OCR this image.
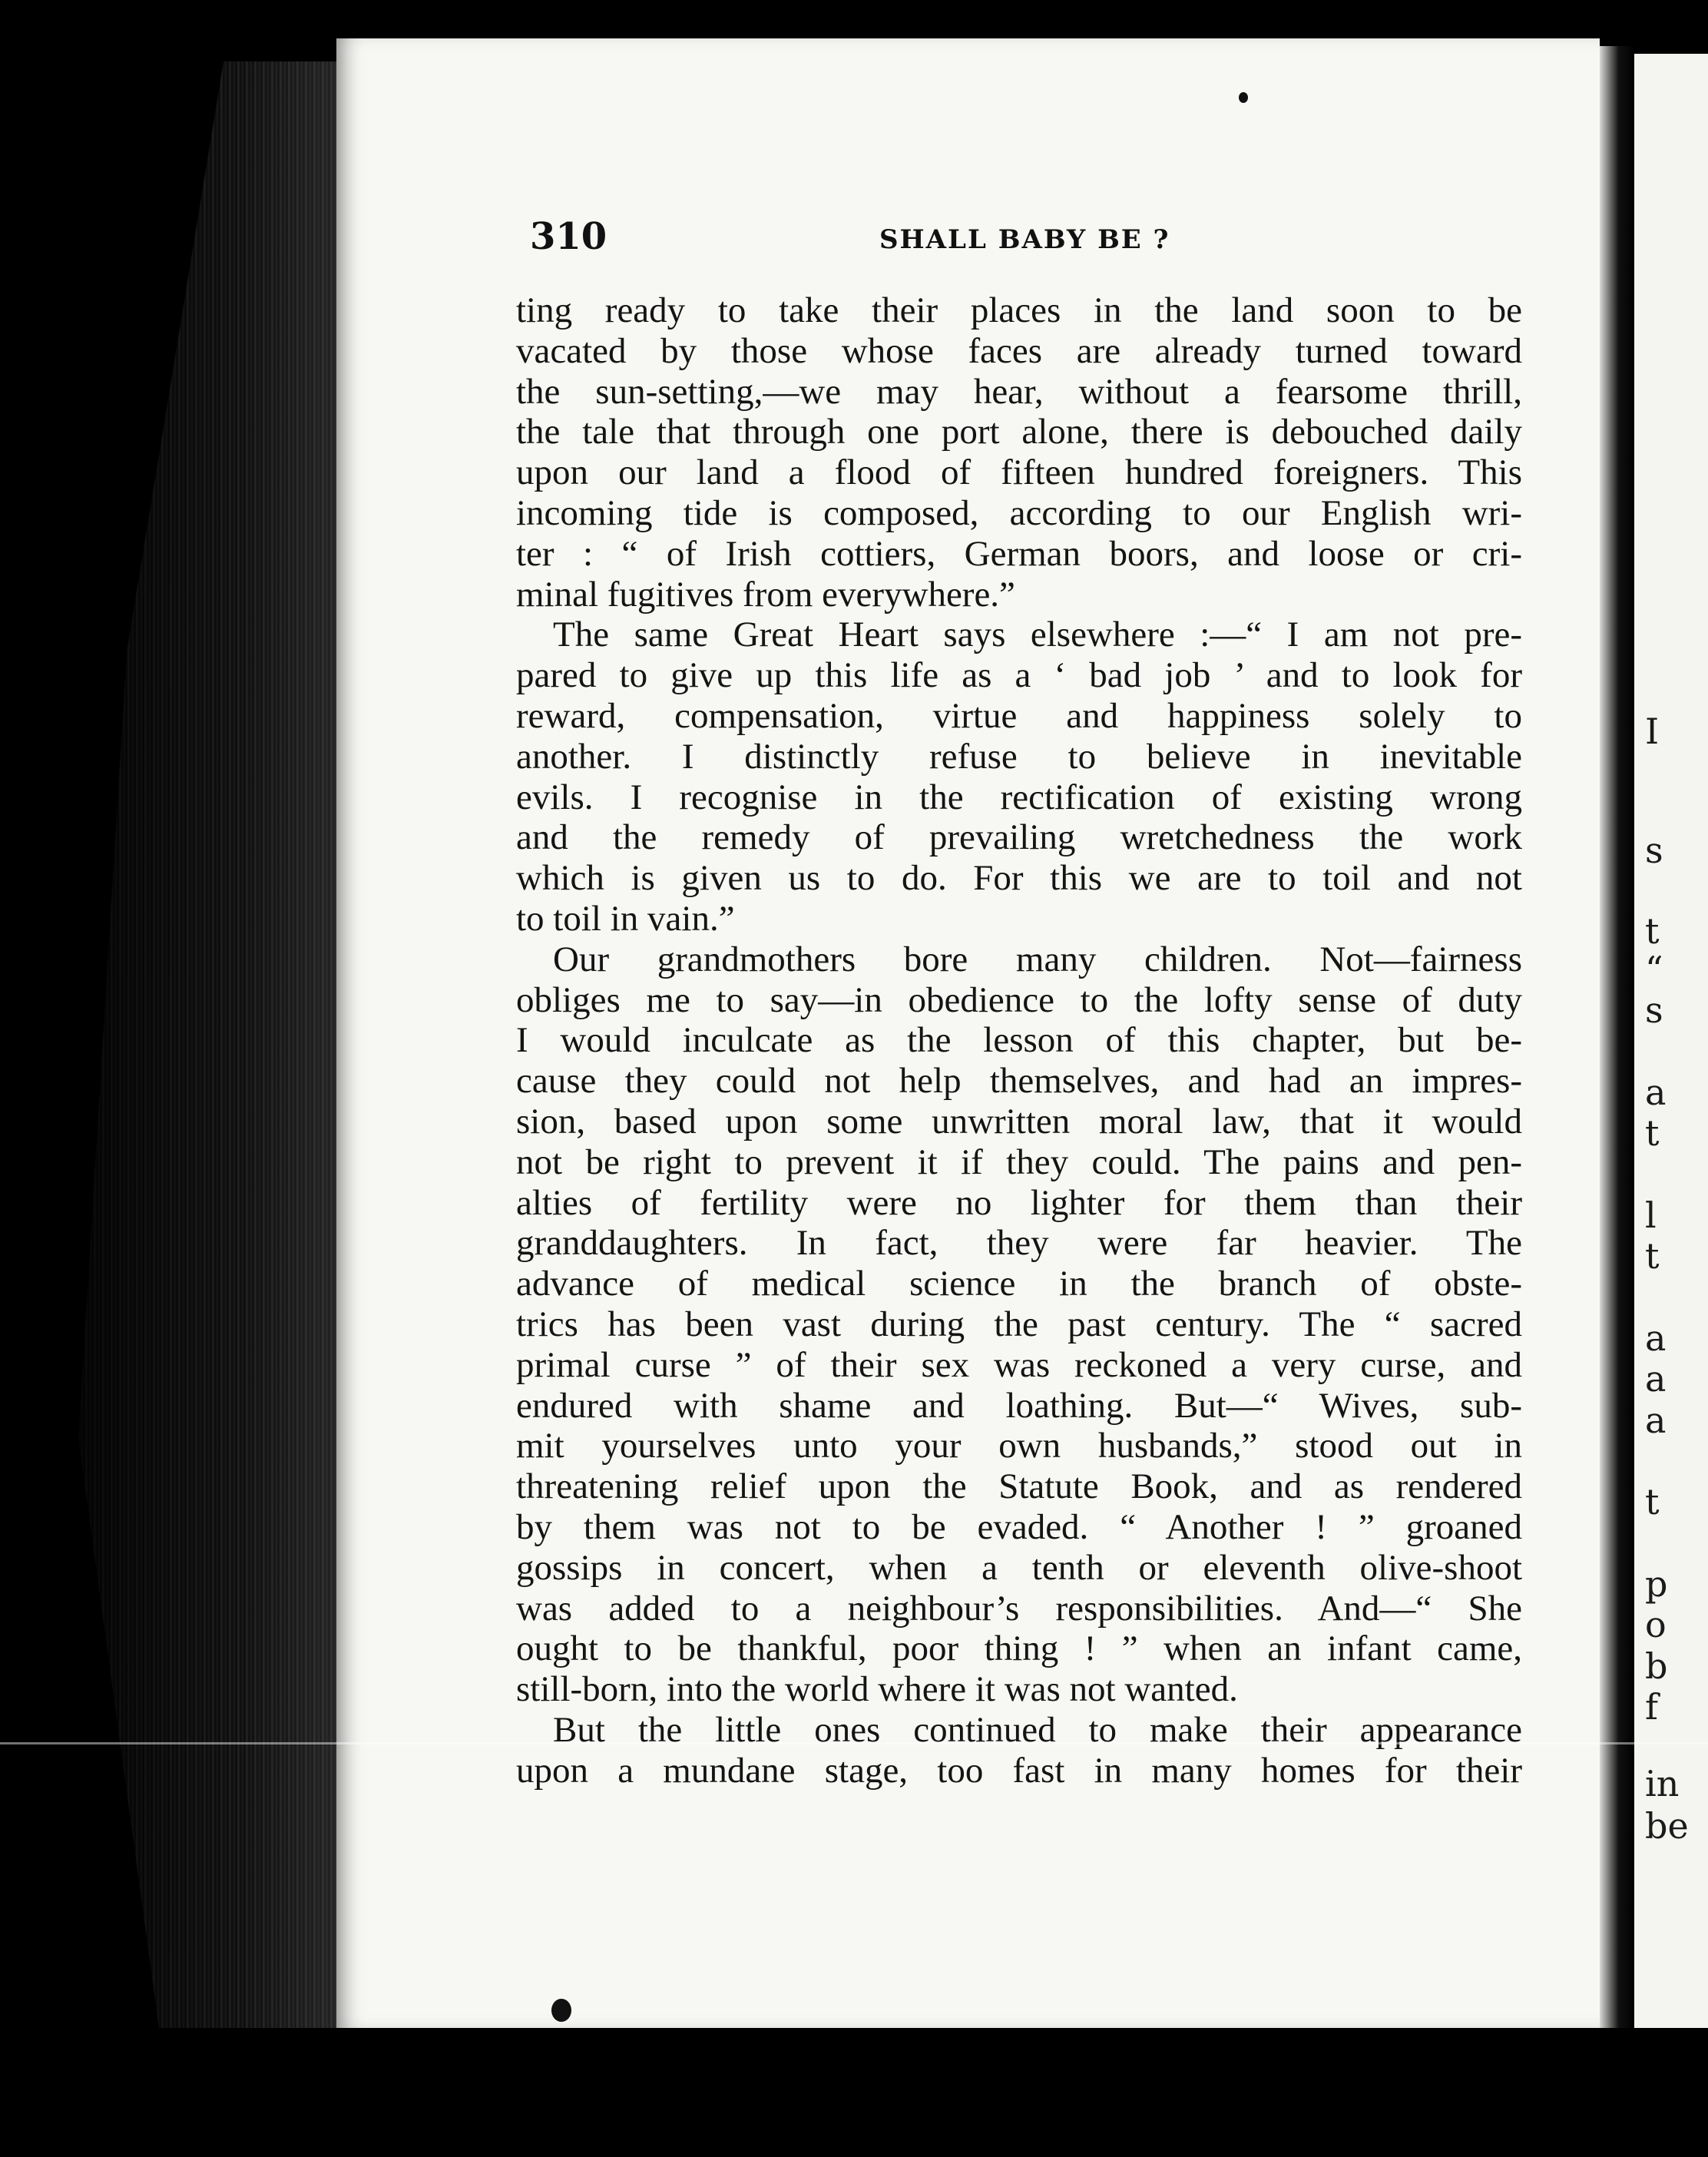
I
s
t
“
s
a
t
l
t
a
a
a
t
p
o
b
f
in
be
310	SHALL BABY BE ?
ting ready to take their places in the land soon to be
vacated by those whose faces are already turned toward
the sun-setting,—we may hear, without a fearsome thrill,
the tale that through one port alone, there is debouched daily
upon our land a flood of fifteen hundred foreigners. This
incoming tide is composed, according to our English wri-
ter : “ of Irish cottiers, German boors, and loose or cri-
minal fugitives from everywhere.”
The same Great Heart says elsewhere :—“ I am not pre-
pared to give up this life as a ‘ bad job ’ and to look for
reward, compensation, virtue and happiness solely to
another. I distinctly refuse to believe in inevitable
evils. I recognise in the rectification of existing wrong
and the remedy of prevailing wretchedness the work
which is given us to do. For this we are to toil and not
to toil in vain.”
Our grandmothers bore many children. Not—fairness
obliges me to say—in obedience to the lofty sense of duty
I would inculcate as the lesson of this chapter, but be-
cause they could not help themselves, and had an impres-
sion, based upon some unwritten moral law, that it would
not be right to prevent it if they could. The pains and pen-
alties of fertility were no lighter for them than their
granddaughters. In fact, they were far heavier. The
advance of medical science in the branch of obste-
trics has been vast during the past century. The “ sacred
primal curse ” of their sex was reckoned a very curse, and
endured with shame and loathing. But—“ Wives, sub-
mit yourselves unto your own husbands,” stood out in
threatening relief upon the Statute Book, and as rendered
by them was not to be evaded. “ Another ! ” groaned
gossips in concert, when a tenth or eleventh olive-shoot
was added to a neighbour’s responsibilities. And—“ She
ought to be thankful, poor thing ! ” when an infant came,
still-born, into the world where it was not wanted.
But the little ones continued to make their appearance
upon a mundane stage, too fast in many homes for their
